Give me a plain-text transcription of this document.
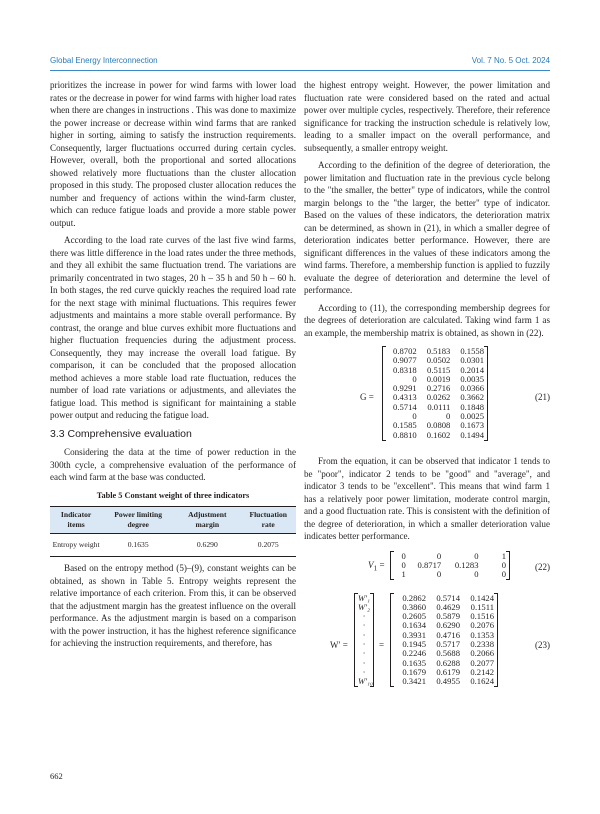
Global Energy Interconnection	Vol. 7 No. 5 Oct. 2024

prioritizes the increase in power for wind farms with lower load rates or the decrease in power for wind farms with higher load rates when there are changes in instructions . This was done to maximize the power increase or decrease within wind farms that are ranked higher in sorting, aiming to satisfy the instruction requirements. Consequently, larger fluctuations occurred during certain cycles. However, overall, both the proportional and sorted allocations showed relatively more fluctuations than the cluster allocation proposed in this study. The proposed cluster allocation reduces the number and frequency of actions within the wind-farm cluster, which can reduce fatigue loads and provide a more stable power output.

According to the load rate curves of the last five wind farms, there was little difference in the load rates under the three methods, and they all exhibit the same fluctuation trend. The variations are primarily concentrated in two stages, 20 h – 35 h and 50 h – 60 h. In both stages, the red curve quickly reaches the required load rate for the next stage with minimal fluctuations. This requires fewer adjustments and maintains a more stable overall performance. By contrast, the orange and blue curves exhibit more fluctuations and higher fluctuation frequencies during the adjustment process. Consequently, they may increase the overall load fatigue. By comparison, it can be concluded that the proposed allocation method achieves a more stable load rate fluctuation, reduces the number of load rate variations or adjustments, and alleviates the fatigue load. This method is significant for maintaining a stable power output and reducing the fatigue load.

3.3 Comprehensive evaluation

Considering the data at the time of power reduction in the 300th cycle, a comprehensive evaluation of the performance of each wind farm at the base was conducted.

Table 5 Constant weight of three indicators
Indicator items	Power limiting degree	Adjustment margin	Fluctuation rate
Entropy weight	0.1635	0.6290	0.2075

Based on the entropy method (5)–(9), constant weights can be obtained, as shown in Table 5. Entropy weights represent the relative importance of each criterion. From this, it can be observed that the adjustment margin has the greatest influence on the overall performance. As the adjustment margin is based on a comparison with the power instruction, it has the highest reference significance for achieving the instruction requirements, and therefore, has

the highest entropy weight. However, the power limitation and fluctuation rate were considered based on the rated and actual power over multiple cycles, respectively. Therefore, their reference significance for tracking the instruction schedule is relatively low, leading to a smaller impact on the overall performance, and subsequently, a smaller entropy weight.

According to the definition of the degree of deterioration, the power limitation and fluctuation rate in the previous cycle belong to the "the smaller, the better" type of indicators, while the control margin belongs to the "the larger, the better" type of indicator. Based on the values of these indicators, the deterioration matrix can be determined, as shown in (21), in which a smaller degree of deterioration indicates better performance. However, there are significant differences in the values of these indicators among the wind farms. Therefore, a membership function is applied to fuzzily evaluate the degree of deterioration and determine the level of performance.

According to (11), the corresponding membership degrees for the degrees of deterioration are calculated. Taking wind farm 1 as an example, the membership matrix is obtained, as shown in (22).

G =
0.8702	0.5183	0.1558
0.9077	0.0502	0.0301
0.8318	0.5115	0.2014
0	0.0019	0.0035
0.9291	0.2716	0.0366
0.4313	0.0262	0.3662
0.5714	0.0111	0.1848
0	0	0.0025
0.1585	0.0808	0.1673
0.8810	0.1602	0.1494
(21)

From the equation, it can be observed that indicator 1 tends to be "poor", indicator 2 tends to be "good" and "average", and indicator 3 tends to be "excellent". This means that wind farm 1 has a relatively poor power limitation, moderate control margin, and a good fluctuation rate. This is consistent with the definition of the degree of deterioration, in which a smaller deterioration value indicates better performance.

$V_1$ =
0	0	0	1
0	0.8717	0.1283	0
1	0	0	0
(22)
W′ =
W′₁
W′₂
·
·
·
·
·
·
·
W′₁₀
=
0.2862	0.5714	0.1424
0.3860	0.4629	0.1511
0.2605	0.5879	0.1516
0.1634	0.6290	0.2076
0.3931	0.4716	0.1353
0.1945	0.5717	0.2338
0.2246	0.5688	0.2066
0.1635	0.6288	0.2077
0.1679	0.6179	0.2142
0.3421	0.4955	0.1624
(23)
662
